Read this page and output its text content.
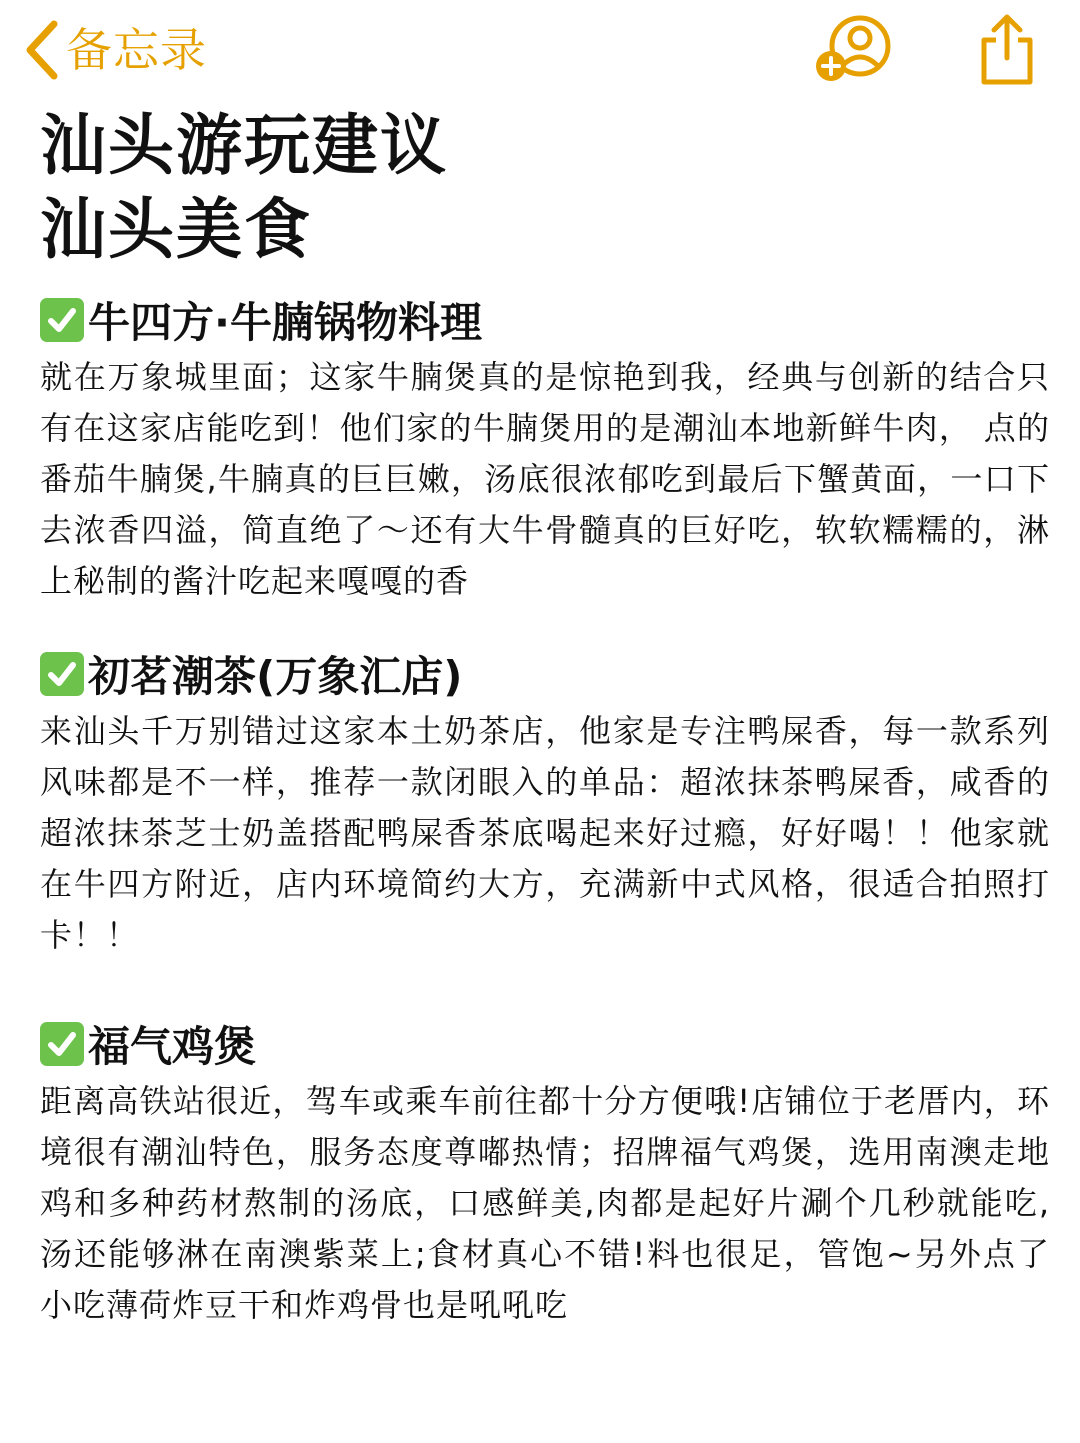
备忘录
汕头游玩建议
汕头美食
牛四方·牛腩锅物料理
就在万象城里面；这家牛腩煲真的是惊艳到我，经典与创新的结合只有在这家店能吃到！他们家的牛腩煲用的是潮汕本地新鲜牛肉， 点的番茄牛腩煲,牛腩真的巨巨嫩，汤底很浓郁吃到最后下蟹黄面，一口下去浓香四溢，简直绝了～还有大牛骨髓真的巨好吃，软软糯糯的，淋上秘制的酱汁吃起来嘎嘎的香
初茗潮茶(万象汇店)
来汕头千万别错过这家本土奶茶店，他家是专注鸭屎香，每一款系列风味都是不一样，推荐一款闭眼入的单品：超浓抹茶鸭屎香，咸香的超浓抹茶芝士奶盖搭配鸭屎香茶底喝起来好过瘾，好好喝！！他家就在牛四方附近，店内环境简约大方，充满新中式风格，很适合拍照打卡！！
福气鸡煲
距离高铁站很近，驾车或乘车前往都十分方便哦!店铺位于老厝内，环境很有潮汕特色，服务态度尊嘟热情；招牌福气鸡煲，选用南澳走地鸡和多种药材熬制的汤底，口感鲜美,肉都是起好片涮个几秒就能吃,汤还能够淋在南澳紫菜上;食材真心不错!料也很足，管饱~另外点了小吃薄荷炸豆干和炸鸡骨也是吼吼吃
